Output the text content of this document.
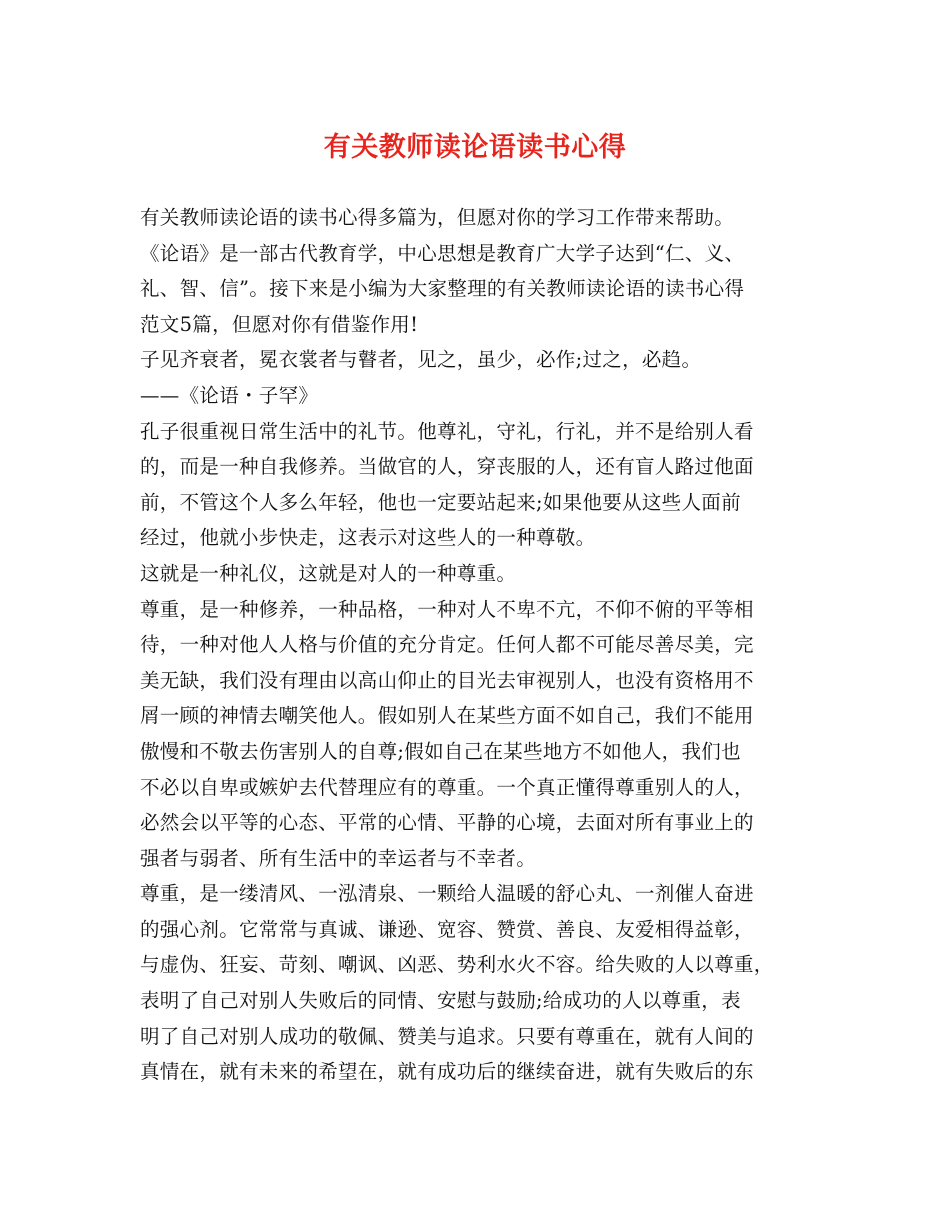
有关教师读论语读书心得
有关教师读论语的读书心得多篇为，但愿对你的学习工作带来帮助。
《论语》是一部古代教育学，中心思想是教育广大学子达到“仁、义、
礼、智、信”。接下来是小编为大家整理的有关教师读论语的读书心得
范文5篇，但愿对你有借鉴作用!
子见齐衰者，冕衣裳者与瞽者，见之，虽少，必作;过之，必趋。
——《论语・子罕》
孔子很重视日常生活中的礼节。他尊礼，守礼，行礼，并不是给别人看
的，而是一种自我修养。当做官的人，穿丧服的人，还有盲人路过他面
前，不管这个人多么年轻，他也一定要站起来;如果他要从这些人面前
经过，他就小步快走，这表示对这些人的一种尊敬。
这就是一种礼仪，这就是对人的一种尊重。
尊重，是一种修养，一种品格，一种对人不卑不亢，不仰不俯的平等相
待，一种对他人人格与价值的充分肯定。任何人都不可能尽善尽美，完
美无缺，我们没有理由以高山仰止的目光去审视别人，也没有资格用不
屑一顾的神情去嘲笑他人。假如别人在某些方面不如自己，我们不能用
傲慢和不敬去伤害别人的自尊;假如自己在某些地方不如他人，我们也
不必以自卑或嫉妒去代替理应有的尊重。一个真正懂得尊重别人的人，
必然会以平等的心态、平常的心情、平静的心境，去面对所有事业上的
强者与弱者、所有生活中的幸运者与不幸者。
尊重，是一缕清风、一泓清泉、一颗给人温暖的舒心丸、一剂催人奋进
的强心剂。它常常与真诚、谦逊、宽容、赞赏、善良、友爱相得益彰，
与虚伪、狂妄、苛刻、嘲讽、凶恶、势利水火不容。给失败的人以尊重，
表明了自己对别人失败后的同情、安慰与鼓励;给成功的人以尊重，表
明了自己对别人成功的敬佩、赞美与追求。只要有尊重在，就有人间的
真情在，就有未来的希望在，就有成功后的继续奋进，就有失败后的东
